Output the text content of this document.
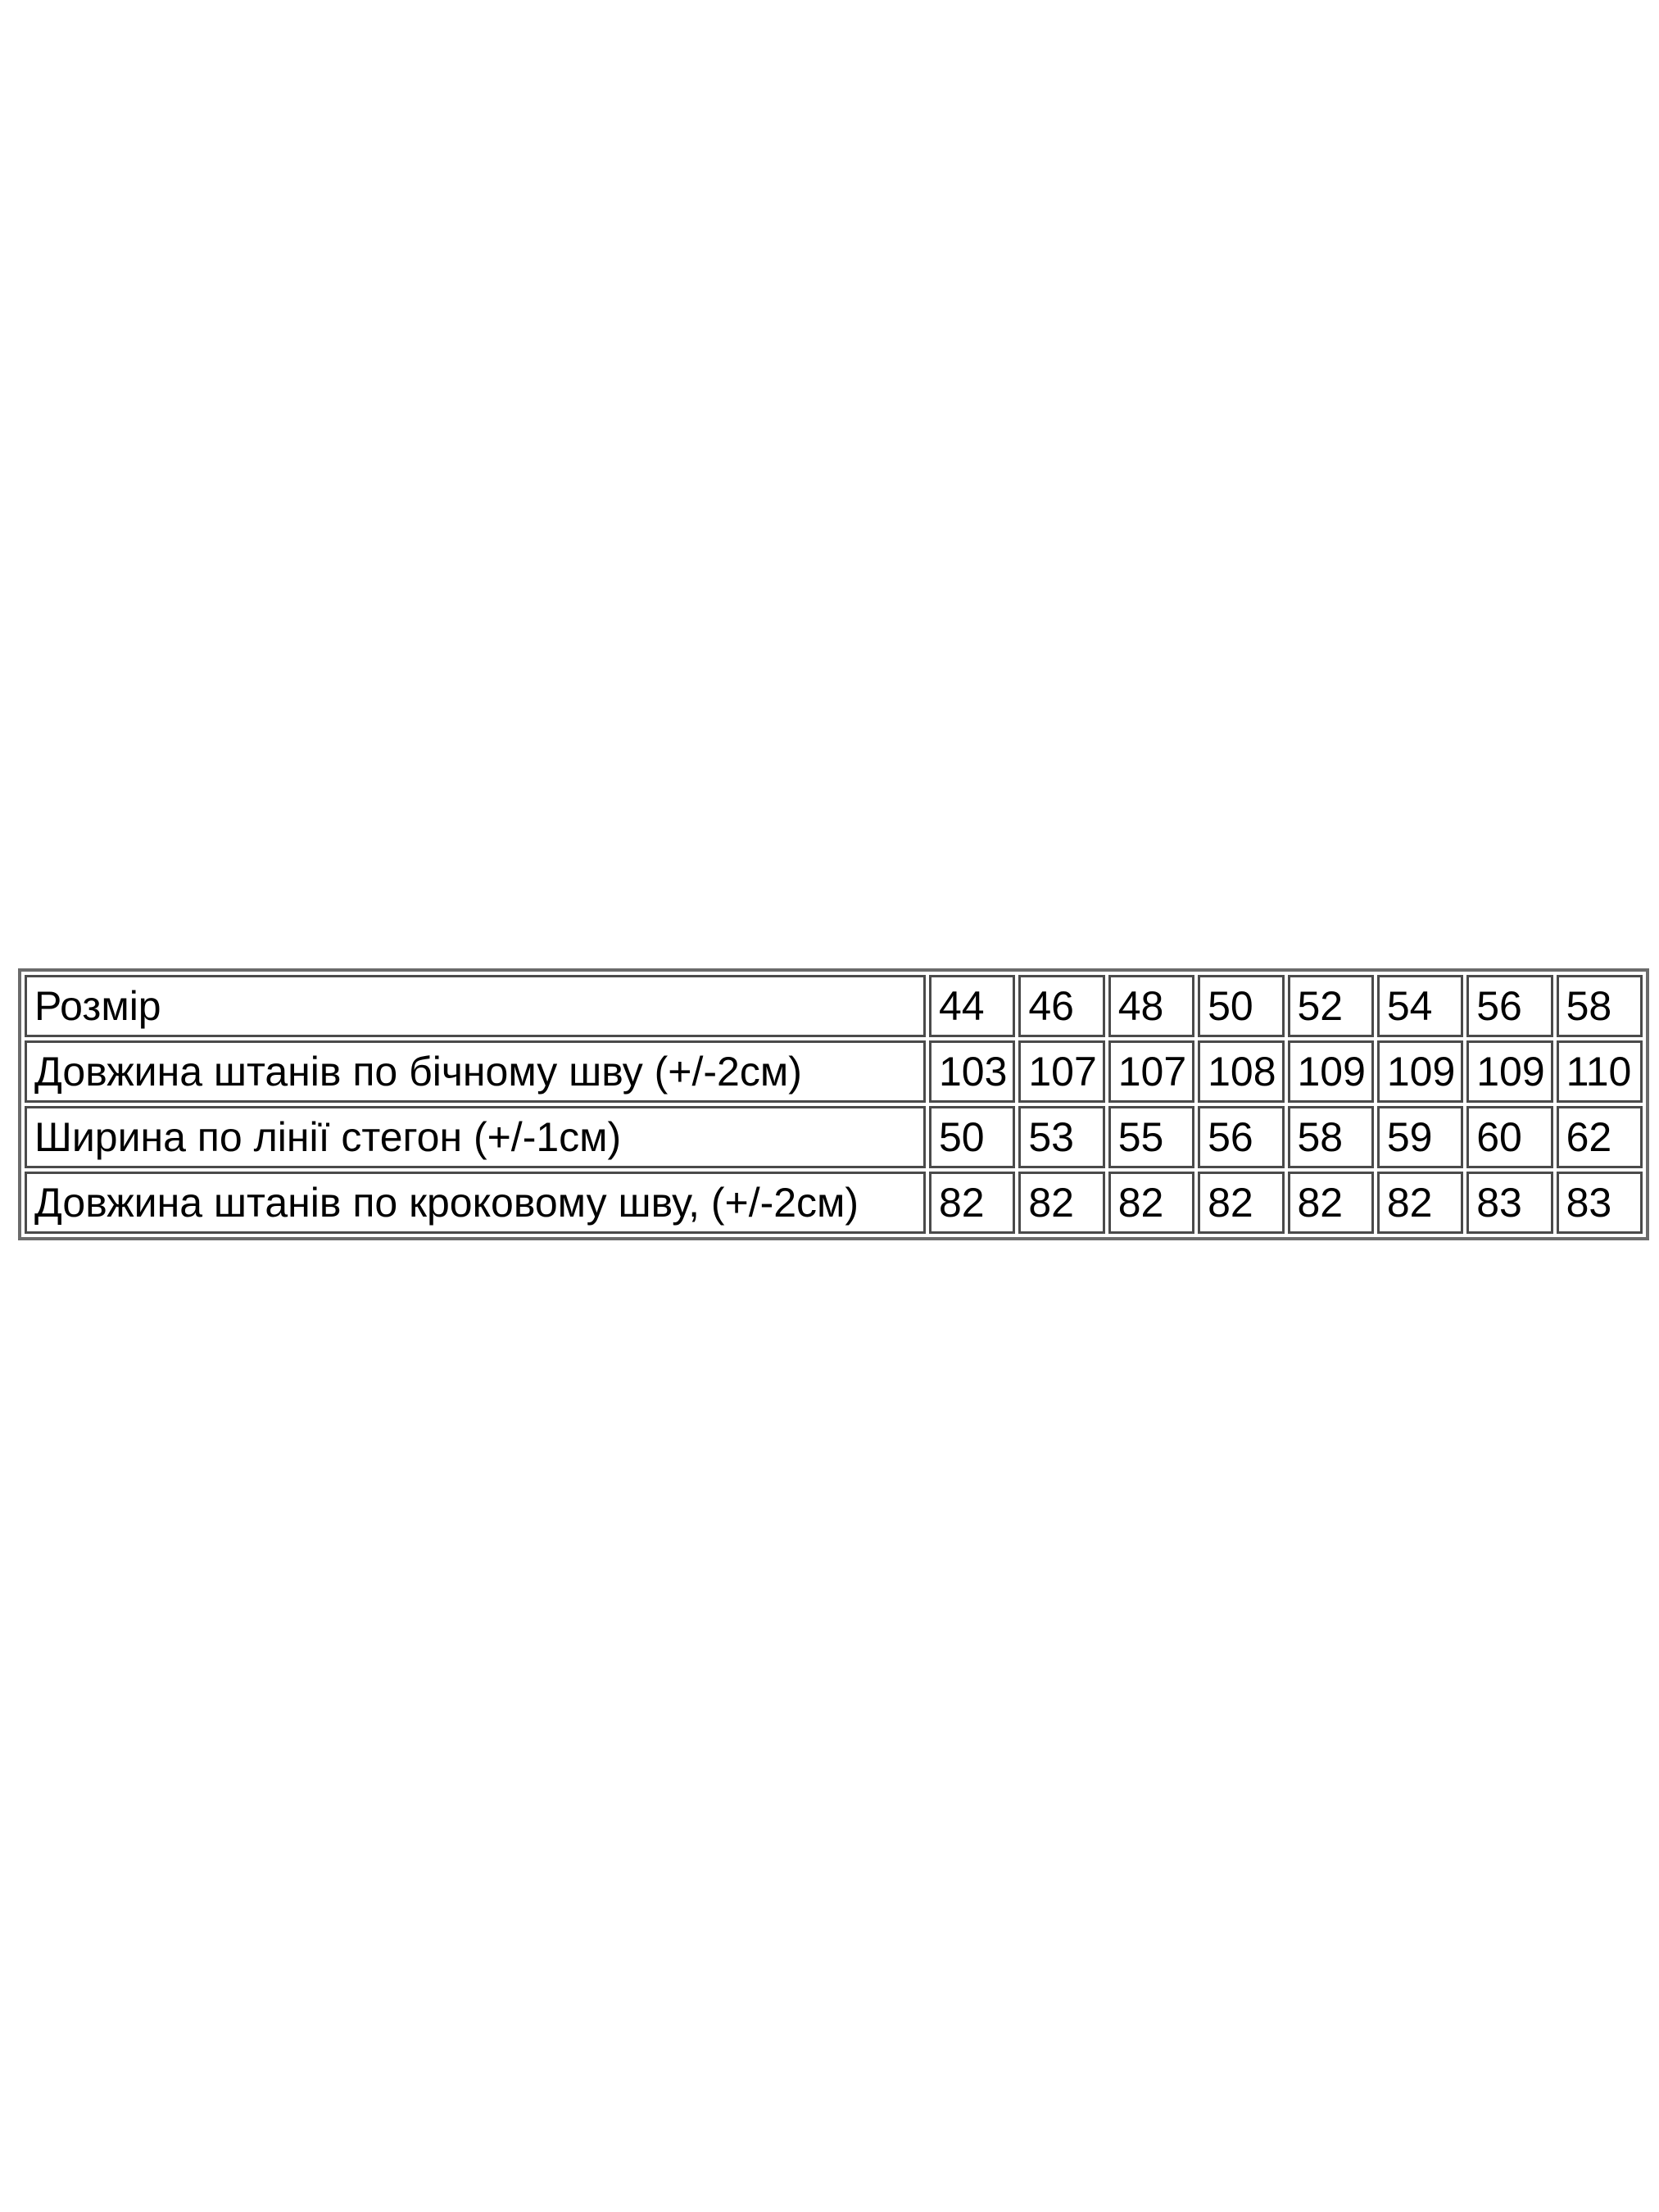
Розмір	44	46	48	50	52	54	56	58
Довжина штанів по бічному шву (+/-2см)	103	107	107	108	109	109	109	110
Ширина по лінії стегон (+/-1см)	50	53	55	56	58	59	60	62
Довжина штанів по кроковому шву, (+/-2см)	82	82	82	82	82	82	83	83
